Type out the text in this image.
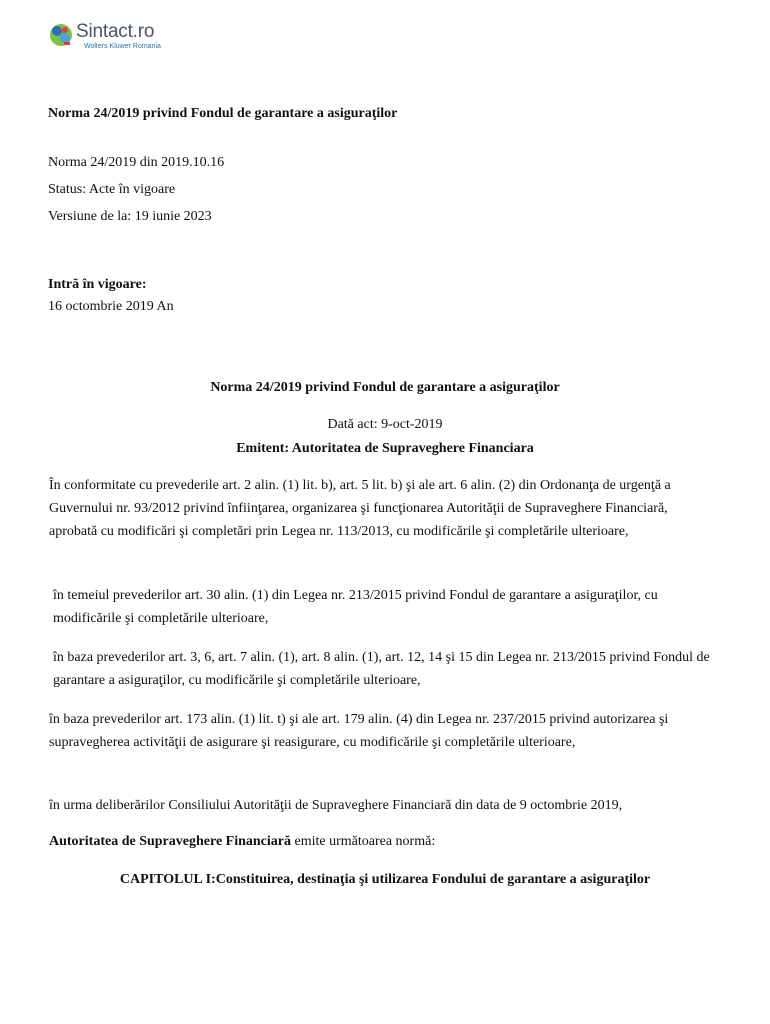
Sintact.ro
Wolters Kluwer Romania
Norma 24/2019 privind Fondul de garantare a asiguraţilor
Norma 24/2019 din 2019.10.16
Status: Acte în vigoare
Versiune de la: 19 iunie 2023
Intră în vigoare:
16 octombrie 2019 An
Norma 24/2019 privind Fondul de garantare a asiguraţilor
Dată act: 9-oct-2019
Emitent: Autoritatea de Supraveghere Financiara
În conformitate cu prevederile art. 2 alin. (1) lit. b), art. 5 lit. b) şi ale art. 6 alin. (2) din Ordonanţa de urgenţă a Guvernului nr. 93/2012 privind înfiinţarea, organizarea şi funcţionarea Autorităţii de Supraveghere Financiară, aprobată cu modificări şi completări prin Legea nr. 113/2013, cu modificările şi completările ulterioare,
în temeiul prevederilor art. 30 alin. (1) din Legea nr. 213/2015 privind Fondul de garantare a asiguraţilor, cu modificările şi completările ulterioare,
în baza prevederilor art. 3, 6, art. 7 alin. (1), art. 8 alin. (1), art. 12, 14 şi 15 din Legea nr. 213/2015 privind Fondul de garantare a asiguraţilor, cu modificările şi completările ulterioare,
în baza prevederilor art. 173 alin. (1) lit. t) şi ale art. 179 alin. (4) din Legea nr. 237/2015 privind autorizarea şi supravegherea activităţii de asigurare şi reasigurare, cu modificările şi completările ulterioare,
în urma deliberărilor Consiliului Autorităţii de Supraveghere Financiară din data de 9 octombrie 2019,
Autoritatea de Supraveghere Financiară emite următoarea normă:
CAPITOLUL I:Constituirea, destinaţia şi utilizarea Fondului de garantare a asiguraţilor
